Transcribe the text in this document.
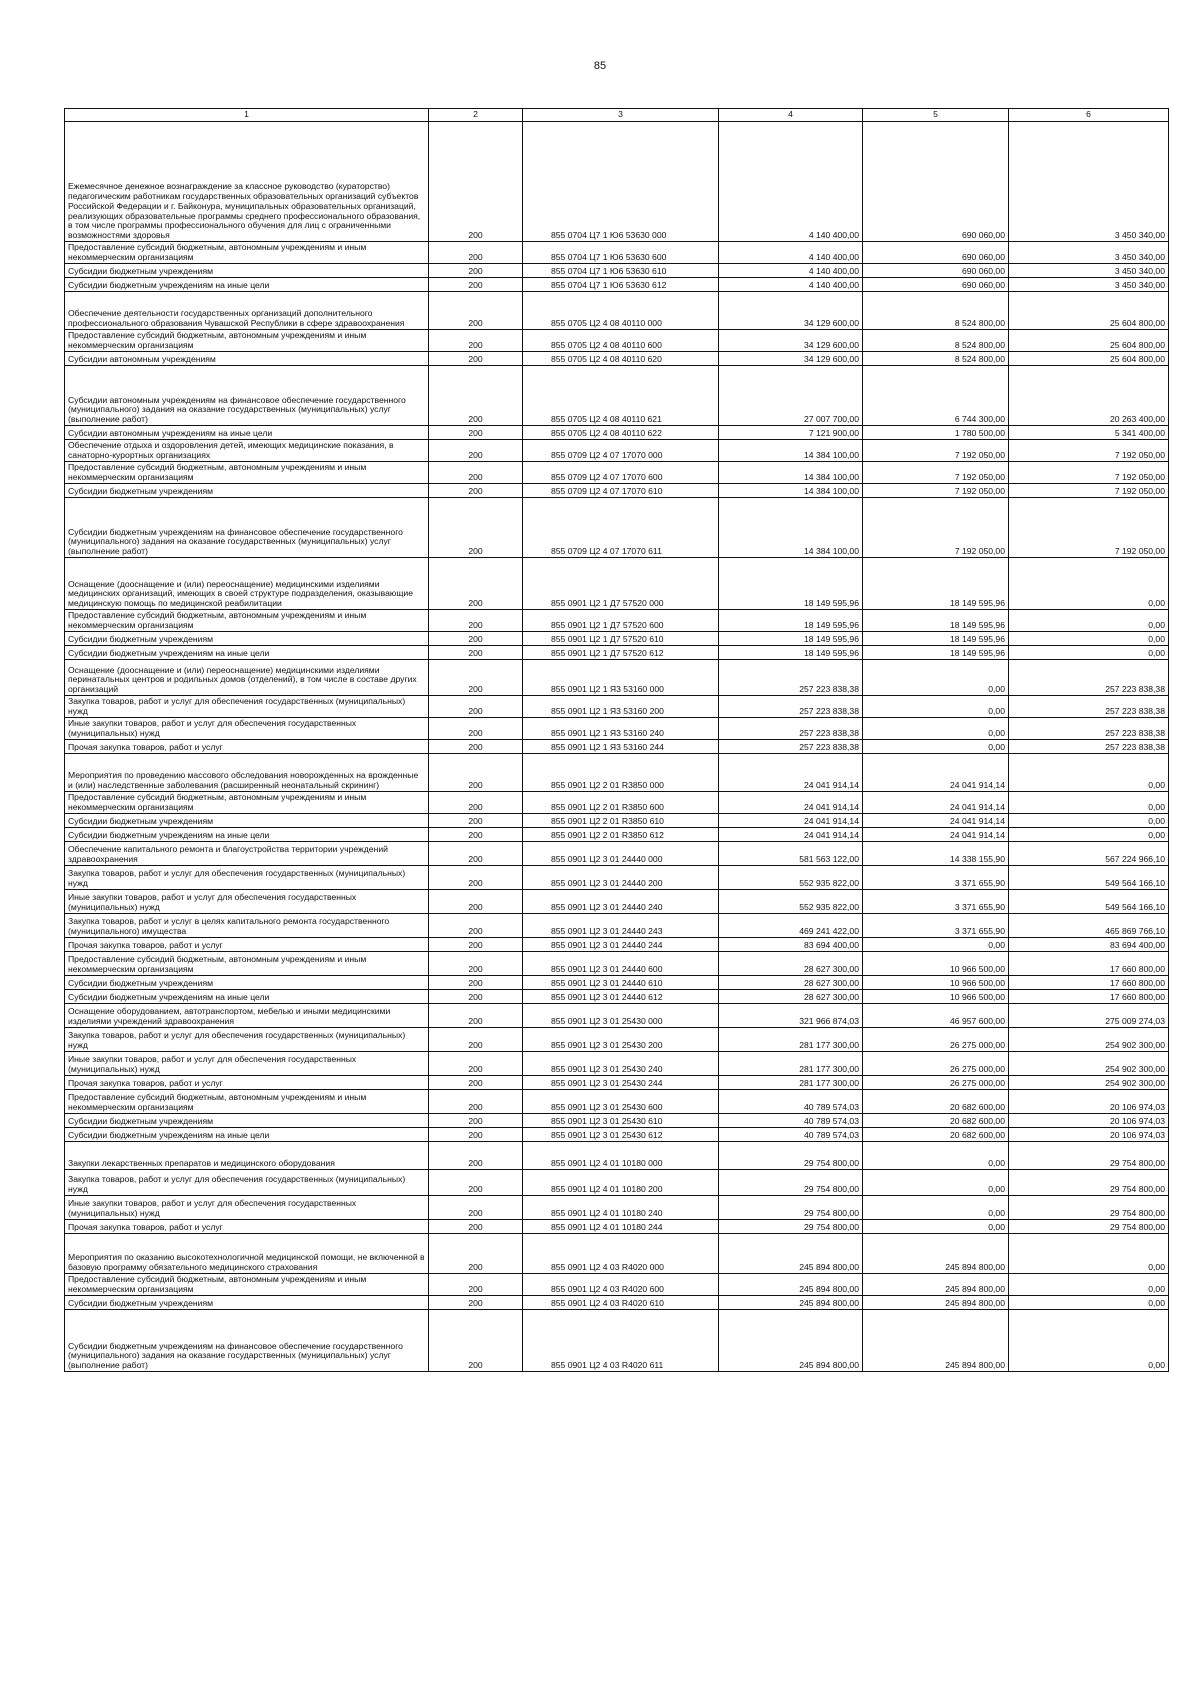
85
1	2	3	4	5	6
Ежемесячное денежное вознаграждение за классное руководство (кураторство) педагогическим работникам государственных образовательных организаций субъектов Российской Федерации и г. Байконура, муниципальных образовательных организаций, реализующих образовательные программы среднего профессионального образования, в том числе программы профессионального обучения для лиц с ограниченными возможностями здоровья	200	855 0704 Ц7 1 Ю6 53630 000	4 140 400,00	690 060,00	3 450 340,00
Предоставление субсидий бюджетным, автономным учреждениям и иным некоммерческим организациям	200	855 0704 Ц7 1 Ю6 53630 600	4 140 400,00	690 060,00	3 450 340,00
Субсидии бюджетным учреждениям	200	855 0704 Ц7 1 Ю6 53630 610	4 140 400,00	690 060,00	3 450 340,00
Субсидии бюджетным учреждениям на иные цели	200	855 0704 Ц7 1 Ю6 53630 612	4 140 400,00	690 060,00	3 450 340,00
Обеспечение деятельности государственных организаций дополнительного профессионального образования Чувашской Республики в сфере здравоохранения	200	855 0705 Ц2 4 08 40110 000	34 129 600,00	8 524 800,00	25 604 800,00
Предоставление субсидий бюджетным, автономным учреждениям и иным некоммерческим организациям	200	855 0705 Ц2 4 08 40110 600	34 129 600,00	8 524 800,00	25 604 800,00
Субсидии автономным учреждениям	200	855 0705 Ц2 4 08 40110 620	34 129 600,00	8 524 800,00	25 604 800,00
Субсидии автономным учреждениям на финансовое обеспечение государственного (муниципального) задания на оказание государственных (муниципальных) услуг (выполнение работ)	200	855 0705 Ц2 4 08 40110 621	27 007 700,00	6 744 300,00	20 263 400,00
Субсидии автономным учреждениям на иные цели	200	855 0705 Ц2 4 08 40110 622	7 121 900,00	1 780 500,00	5 341 400,00
Обеспечение отдыха и оздоровления детей, имеющих медицинские показания, в санаторно-курортных организациях	200	855 0709 Ц2 4 07 17070 000	14 384 100,00	7 192 050,00	7 192 050,00
Предоставление субсидий бюджетным, автономным учреждениям и иным некоммерческим организациям	200	855 0709 Ц2 4 07 17070 600	14 384 100,00	7 192 050,00	7 192 050,00
Субсидии бюджетным учреждениям	200	855 0709 Ц2 4 07 17070 610	14 384 100,00	7 192 050,00	7 192 050,00
Субсидии бюджетным учреждениям на финансовое обеспечение государственного (муниципального) задания на оказание государственных (муниципальных) услуг (выполнение работ)	200	855 0709 Ц2 4 07 17070 611	14 384 100,00	7 192 050,00	7 192 050,00
Оснащение (дооснащение и (или) переоснащение) медицинскими изделиями медицинских организаций, имеющих в своей структуре подразделения, оказывающие медицинскую помощь по медицинской реабилитации	200	855 0901 Ц2 1 Д7 57520 000	18 149 595,96	18 149 595,96	0,00
Предоставление субсидий бюджетным, автономным учреждениям и иным некоммерческим организациям	200	855 0901 Ц2 1 Д7 57520 600	18 149 595,96	18 149 595,96	0,00
Субсидии бюджетным учреждениям	200	855 0901 Ц2 1 Д7 57520 610	18 149 595,96	18 149 595,96	0,00
Субсидии бюджетным учреждениям на иные цели	200	855 0901 Ц2 1 Д7 57520 612	18 149 595,96	18 149 595,96	0,00
Оснащение (дооснащение и (или) переоснащение) медицинскими изделиями перинатальных центров и родильных домов (отделений), в том числе в составе других организаций	200	855 0901 Ц2 1 Я3 53160 000	257 223 838,38	0,00	257 223 838,38
Закупка товаров, работ и услуг для обеспечения государственных (муниципальных) нужд	200	855 0901 Ц2 1 Я3 53160 200	257 223 838,38	0,00	257 223 838,38
Иные закупки товаров, работ и услуг для обеспечения государственных (муниципальных) нужд	200	855 0901 Ц2 1 Я3 53160 240	257 223 838,38	0,00	257 223 838,38
Прочая закупка товаров, работ и услуг	200	855 0901 Ц2 1 Я3 53160 244	257 223 838,38	0,00	257 223 838,38
Мероприятия по проведению массового обследования новорожденных на врожденные и (или) наследственные заболевания (расширенный неонатальный скрининг)	200	855 0901 Ц2 2 01 R3850 000	24 041 914,14	24 041 914,14	0,00
Предоставление субсидий бюджетным, автономным учреждениям и иным некоммерческим организациям	200	855 0901 Ц2 2 01 R3850 600	24 041 914,14	24 041 914,14	0,00
Субсидии бюджетным учреждениям	200	855 0901 Ц2 2 01 R3850 610	24 041 914,14	24 041 914,14	0,00
Субсидии бюджетным учреждениям на иные цели	200	855 0901 Ц2 2 01 R3850 612	24 041 914,14	24 041 914,14	0,00
Обеспечение капитального ремонта и благоустройства территории учреждений здравоохранения	200	855 0901 Ц2 3 01 24440 000	581 563 122,00	14 338 155,90	567 224 966,10
Закупка товаров, работ и услуг для обеспечения государственных (муниципальных) нужд	200	855 0901 Ц2 3 01 24440 200	552 935 822,00	3 371 655,90	549 564 166,10
Иные закупки товаров, работ и услуг для обеспечения государственных (муниципальных) нужд	200	855 0901 Ц2 3 01 24440 240	552 935 822,00	3 371 655,90	549 564 166,10
Закупка товаров, работ и услуг в целях капитального ремонта государственного (муниципального) имущества	200	855 0901 Ц2 3 01 24440 243	469 241 422,00	3 371 655,90	465 869 766,10
Прочая закупка товаров, работ и услуг	200	855 0901 Ц2 3 01 24440 244	83 694 400,00	0,00	83 694 400,00
Предоставление субсидий бюджетным, автономным учреждениям и иным некоммерческим организациям	200	855 0901 Ц2 3 01 24440 600	28 627 300,00	10 966 500,00	17 660 800,00
Субсидии бюджетным учреждениям	200	855 0901 Ц2 3 01 24440 610	28 627 300,00	10 966 500,00	17 660 800,00
Субсидии бюджетным учреждениям на иные цели	200	855 0901 Ц2 3 01 24440 612	28 627 300,00	10 966 500,00	17 660 800,00
Оснащение оборудованием, автотранспортом, мебелью и иными медицинскими изделиями учреждений здравоохранения	200	855 0901 Ц2 3 01 25430 000	321 966 874,03	46 957 600,00	275 009 274,03
Закупка товаров, работ и услуг для обеспечения государственных (муниципальных) нужд	200	855 0901 Ц2 3 01 25430 200	281 177 300,00	26 275 000,00	254 902 300,00
Иные закупки товаров, работ и услуг для обеспечения государственных (муниципальных) нужд	200	855 0901 Ц2 3 01 25430 240	281 177 300,00	26 275 000,00	254 902 300,00
Прочая закупка товаров, работ и услуг	200	855 0901 Ц2 3 01 25430 244	281 177 300,00	26 275 000,00	254 902 300,00
Предоставление субсидий бюджетным, автономным учреждениям и иным некоммерческим организациям	200	855 0901 Ц2 3 01 25430 600	40 789 574,03	20 682 600,00	20 106 974,03
Субсидии бюджетным учреждениям	200	855 0901 Ц2 3 01 25430 610	40 789 574,03	20 682 600,00	20 106 974,03
Субсидии бюджетным учреждениям на иные цели	200	855 0901 Ц2 3 01 25430 612	40 789 574,03	20 682 600,00	20 106 974,03
Закупки лекарственных препаратов и медицинского оборудования	200	855 0901 Ц2 4 01 10180 000	29 754 800,00	0,00	29 754 800,00
Закупка товаров, работ и услуг для обеспечения государственных (муниципальных) нужд	200	855 0901 Ц2 4 01 10180 200	29 754 800,00	0,00	29 754 800,00
Иные закупки товаров, работ и услуг для обеспечения государственных (муниципальных) нужд	200	855 0901 Ц2 4 01 10180 240	29 754 800,00	0,00	29 754 800,00
Прочая закупка товаров, работ и услуг	200	855 0901 Ц2 4 01 10180 244	29 754 800,00	0,00	29 754 800,00
Мероприятия по оказанию высокотехнологичной медицинской помощи, не включенной в базовую программу обязательного медицинского страхования	200	855 0901 Ц2 4 03 R4020 000	245 894 800,00	245 894 800,00	0,00
Предоставление субсидий бюджетным, автономным учреждениям и иным некоммерческим организациям	200	855 0901 Ц2 4 03 R4020 600	245 894 800,00	245 894 800,00	0,00
Субсидии бюджетным учреждениям	200	855 0901 Ц2 4 03 R4020 610	245 894 800,00	245 894 800,00	0,00
Субсидии бюджетным учреждениям на финансовое обеспечение государственного (муниципального) задания на оказание государственных (муниципальных) услуг (выполнение работ)	200	855 0901 Ц2 4 03 R4020 611	245 894 800,00	245 894 800,00	0,00
